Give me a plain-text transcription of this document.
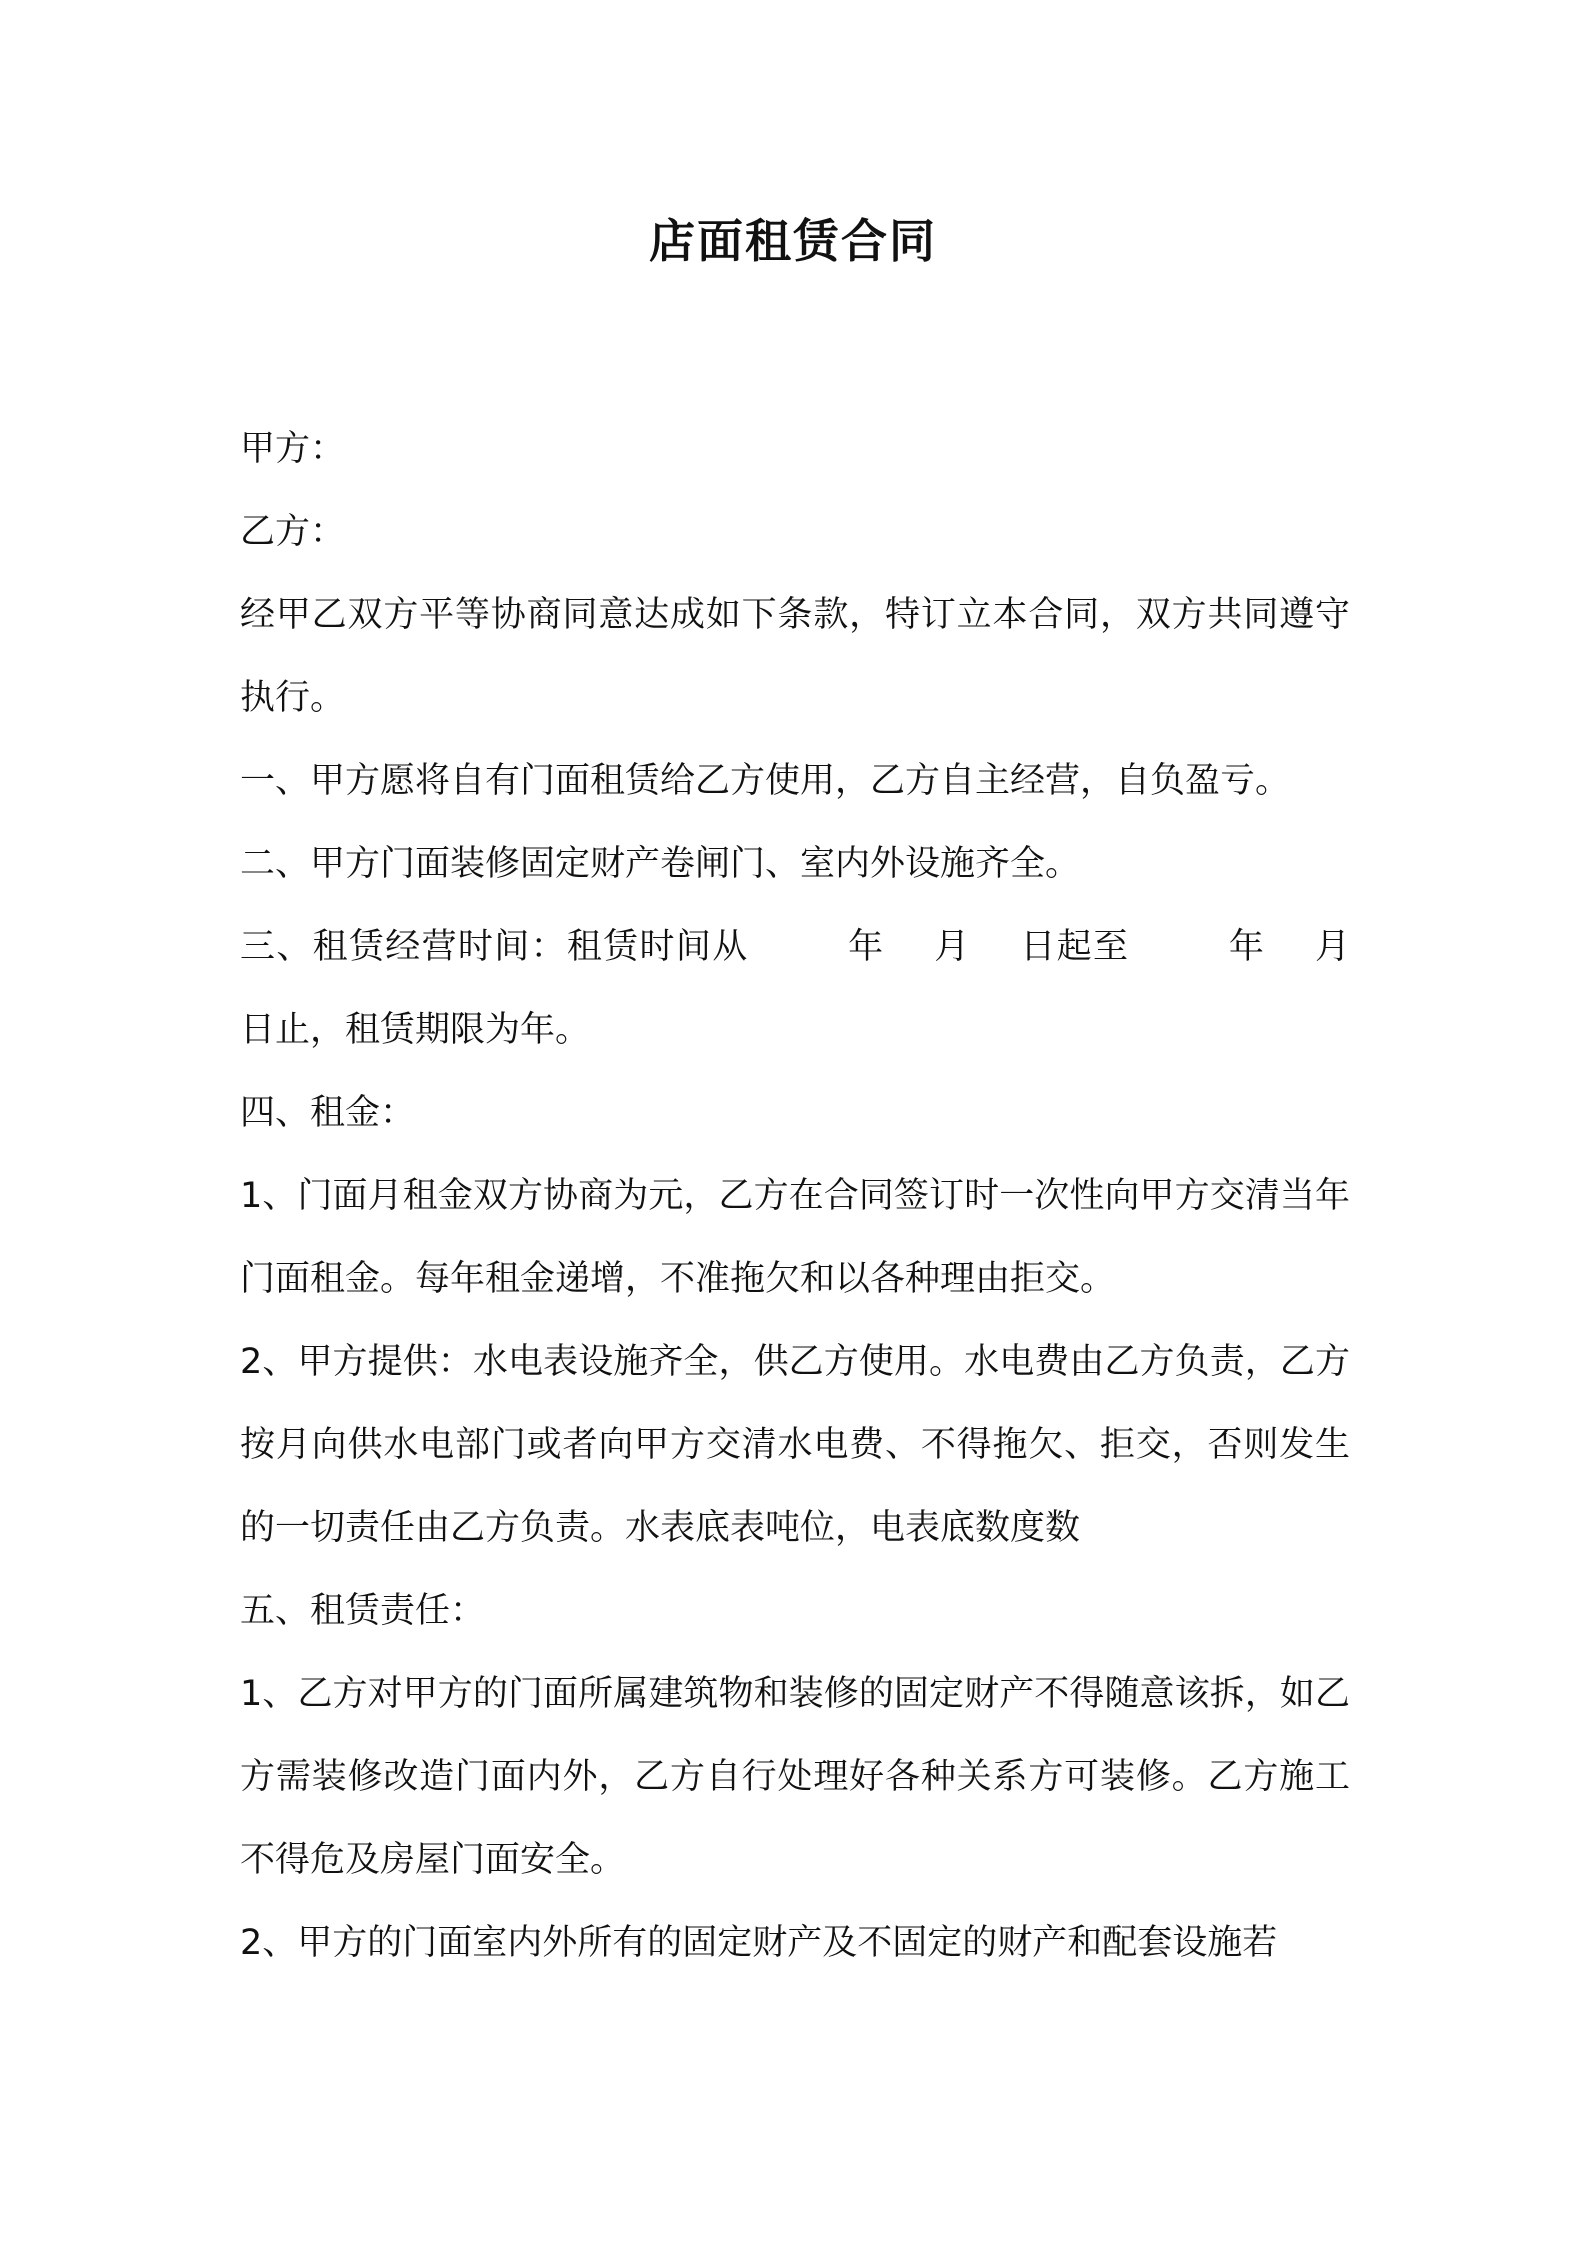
店面租赁合同

甲方：

乙方：

经甲乙双方平等协商同意达成如下条款，特订立本合同，双方共同遵守执行。

一、甲方愿将自有门面租赁给乙方使用，乙方自主经营，自负盈亏。

二、甲方门面装修固定财产卷闸门、室内外设施齐全。

三、租赁经营时间：租赁时间从        年    月    日起至        年    月    日止，租赁期限为年。

四、租金：

1、门面月租金双方协商为元，乙方在合同签订时一次性向甲方交清当年门面租金。每年租金递增，不准拖欠和以各种理由拒交。

2、甲方提供：水电表设施齐全，供乙方使用。水电费由乙方负责，乙方按月向供水电部门或者向甲方交清水电费、不得拖欠、拒交，否则发生的一切责任由乙方负责。水表底表吨位，电表底数度数

五、租赁责任：

1、乙方对甲方的门面所属建筑物和装修的固定财产不得随意该拆，如乙方需装修改造门面内外，乙方自行处理好各种关系方可装修。乙方施工不得危及房屋门面安全。

2、甲方的门面室内外所有的固定财产及不固定的财产和配套设施若
